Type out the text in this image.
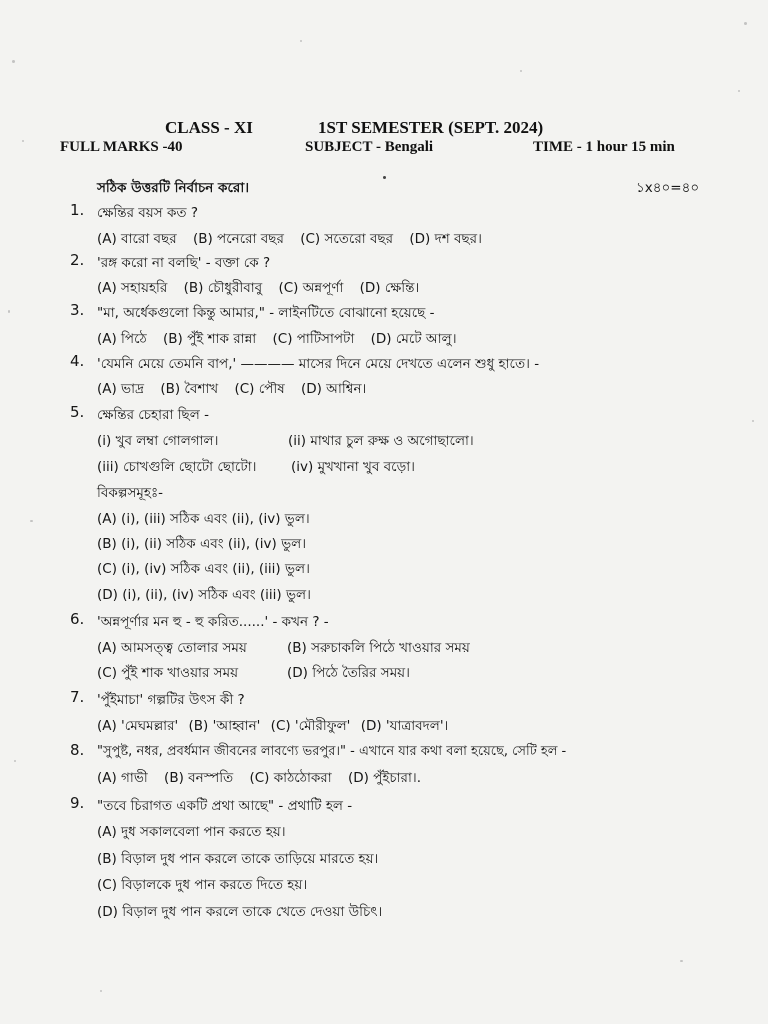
CLASS - XI	1ST SEMESTER (SEPT. 2024)
FULL MARKS -40	SUBJECT - Bengali	TIME - 1 hour 15 min
সঠিক উত্তরটি নির্বাচন করো।	১x৪০=৪০
1. ক্ষেন্তির বয়স কত ?
(A) বারো বছর (B) পনেরো বছর (C) সতেরো বছর (D) দশ বছর।
2. 'রঙ্গ করো না বলছি' - বক্তা কে ?
(A) সহায়হরি (B) চৌধুরীবাবু (C) অন্নপূর্ণা (D) ক্ষেন্তি।
3. "মা, অর্ধেকগুলো কিন্তু আমার," - লাইনটিতে বোঝানো হয়েছে -
(A) পিঠে (B) পুঁই শাক রান্না (C) পাটিসাপটা (D) মেটে আলু।
4. 'যেমনি মেয়ে তেমনি বাপ,' ———— মাসের দিনে মেয়ে দেখতে এলেন শুধু হাতে। -
(A) ভাদ্র (B) বৈশাখ (C) পৌষ (D) আশ্বিন।
5. ক্ষেন্তির চেহারা ছিল -
(i) খুব লম্বা গোলগাল।	(ii) মাথার চুল রুক্ষ ও অগোছালো।
(iii) চোখগুলি ছোটো ছোটো।	(iv) মুখখানা খুব বড়ো।
বিকল্পসমূহঃ-
(A) (i), (iii) সঠিক এবং (ii), (iv) ভুল।
(B) (i), (ii) সঠিক এবং (ii), (iv) ভুল।
(C) (i), (iv) সঠিক এবং (ii), (iii) ভুল।
(D) (i), (ii), (iv) সঠিক এবং (iii) ভুল।
6. 'অন্নপূর্ণার মন হু - হু করিত......' - কখন ? -
(A) আমসত্ত্ব তোলার সময়	(B) সরুচাকলি পিঠে খাওয়ার সময়
(C) পুঁই শাক খাওয়ার সময়	(D) পিঠে তৈরির সময়।
7. 'পুঁইমাচা' গল্পটির উৎস কী ?
(A) 'মেঘমল্লার' (B) 'আহ্বান' (C) 'মৌরীফুল' (D) 'যাত্রাবদল'।
8. "সুপুষ্ট, নধর, প্রবর্ধমান জীবনের লাবণ্যে ভরপুর।" - এখানে যার কথা বলা হয়েছে, সেটি হল -
(A) গাভী (B) বনস্পতি (C) কাঠঠোকরা (D) পুঁইচারা।.
9. "তবে চিরাগত একটি প্রথা আছে" - প্রথাটি হল -
(A) দুধ সকালবেলা পান করতে হয়।
(B) বিড়াল দুধ পান করলে তাকে তাড়িয়ে মারতে হয়।
(C) বিড়ালকে দুধ পান করতে দিতে হয়।
(D) বিড়াল দুধ পান করলে তাকে খেতে দেওয়া উচিৎ।
